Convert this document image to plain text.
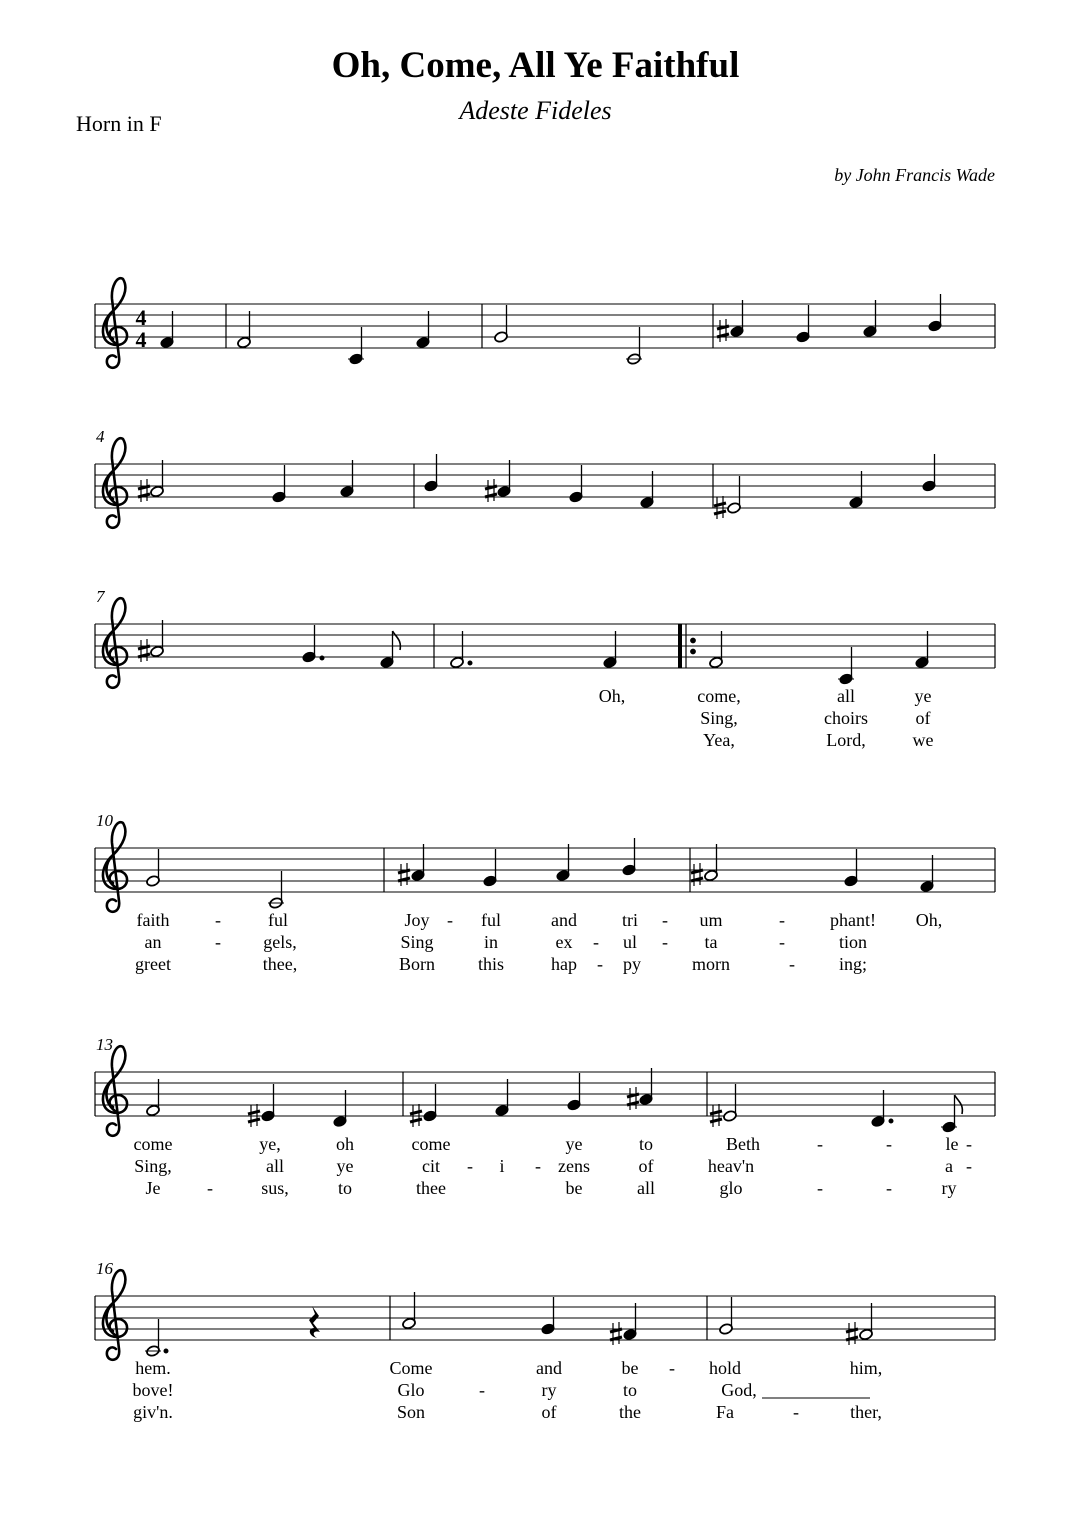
Oh, Come, All Ye Faithful
Adeste Fideles
Horn in F
by John Francis Wade
4
4
4
7
Oh,	come,	all	ye
Sing,	choirs	of
Yea,	Lord,	we
10
faith	-	ful	Joy - ful	and	tri - um	-	phant! Oh,
an	- gels,	Sing	in	ex - ul - ta	-	tion
greet	thee,	Born this	hap - py	morn	- ing;
13
come	ye,	oh	come	ye	to	Beth	-	-	le -
Sing,	all	ye	cit - i - zens	of	heav'n	a -
Je	-	sus,	to	thee	be	all	glo	-	-	ry
16
hem.	Come	and	be - hold	him,
bove!	Glo	-	ry	to	God,
giv'n.	Son	of	the	Fa	-	ther,
